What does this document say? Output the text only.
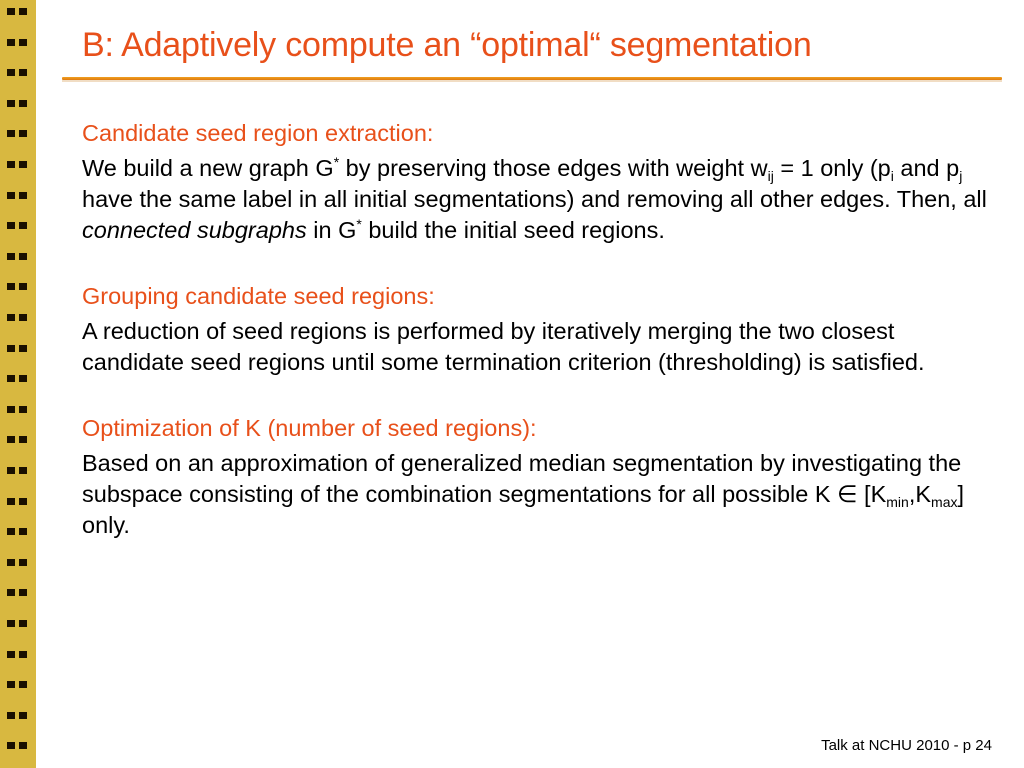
B: Adaptively compute an “optimal“ segmentation
Candidate seed region extraction:

We build a new graph G* by preserving those edges with weight $w_{ij} = 1$ only ($p_i$ and $p_j$ have the same label in all initial segmentations) and removing all other edges. Then, all connected subgraphs in G* build the initial seed regions.

Grouping candidate seed regions:

A reduction of seed regions is performed by iteratively merging the two closest candidate seed regions until some termination criterion (thresholding) is satisfied.

Optimization of K (number of seed regions):

Based on an approximation of generalized median segmentation by investigating the subspace consisting of the combination segmentations for all possible K ∈ $[K_{min},K_{max}]$ only.

Talk at NCHU 2010 - p 24
